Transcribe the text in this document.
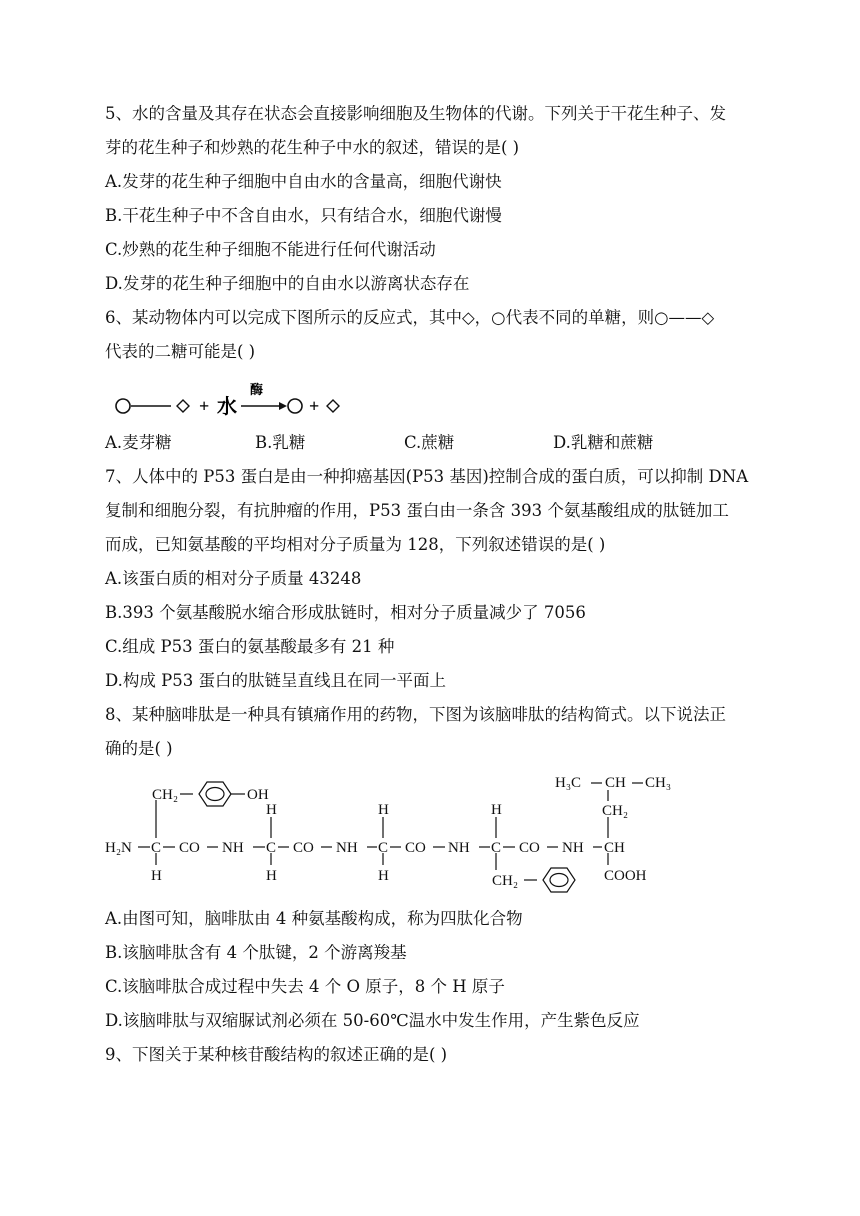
5、水的含量及其存在状态会直接影响细胞及生物体的代谢。下列关于干花生种子、发
芽的花生种子和炒熟的花生种子中水的叙述，错误的是( )
A.发芽的花生种子细胞中自由水的含量高，细胞代谢快
B.干花生种子中不含自由水，只有结合水，细胞代谢慢
C.炒熟的花生种子细胞不能进行任何代谢活动
D.发芽的花生种子细胞中的自由水以游离状态存在
6、某动物体内可以完成下图所示的反应式，其中◇，○代表不同的单糖，则○——◇
代表的二糖可能是( )
+ 水
酶
+
A.麦芽糖	B.乳糖	C.蔗糖	D.乳糖和蔗糖
7、人体中的 P53 蛋白是由一种抑癌基因(P53 基因)控制合成的蛋白质，可以抑制 DNA
复制和细胞分裂，有抗肿瘤的作用，P53 蛋白由一条含 393 个氨基酸组成的肽链加工
而成，已知氨基酸的平均相对分子质量为 128，下列叙述错误的是( )
A.该蛋白质的相对分子质量 43248
B.393 个氨基酸脱水缩合形成肽链时，相对分子质量减少了 7056
C.组成 P53 蛋白的氨基酸最多有 21 种
D.构成 P53 蛋白的肽链呈直线且在同一平面上
8、某种脑啡肽是一种具有镇痛作用的药物，下图为该脑啡肽的结构简式。以下说法正
确的是( )
H₂N C
H
CH₂	OH
CO NH
H
C
H
CO NH
H
C
H
CO NH
H
C
CH₂
CO NH CH
CH₂
COOH
H₃C CH CH₃
A.由图可知，脑啡肽由 4 种氨基酸构成，称为四肽化合物
B.该脑啡肽含有 4 个肽键，2 个游离羧基
C.该脑啡肽合成过程中失去 4 个 O 原子，8 个 H 原子
D.该脑啡肽与双缩脲试剂必须在 50-60℃温水中发生作用，产生紫色反应
9、下图关于某种核苷酸结构的叙述正确的是( )
